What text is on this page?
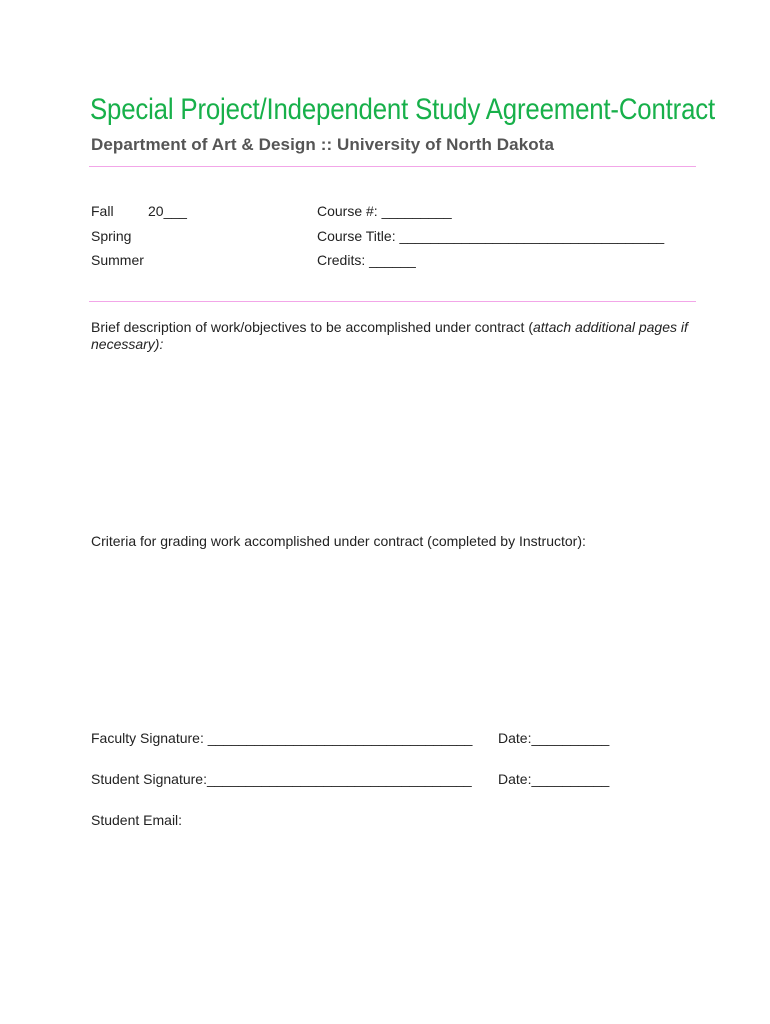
Special Project/Independent Study Agreement-Contract
Department of Art & Design :: University of North Dakota
Fall 20___
Spring
Summer
Course #: _________
Course Title: __________________________________
Credits: ______
Brief description of work/objectives to be accomplished under contract (attach additional pages if necessary):
Criteria for grading work accomplished under contract (completed by Instructor):
Faculty Signature: __________________________________ Date:__________
Student Signature:__________________________________ Date:__________
Student Email:
